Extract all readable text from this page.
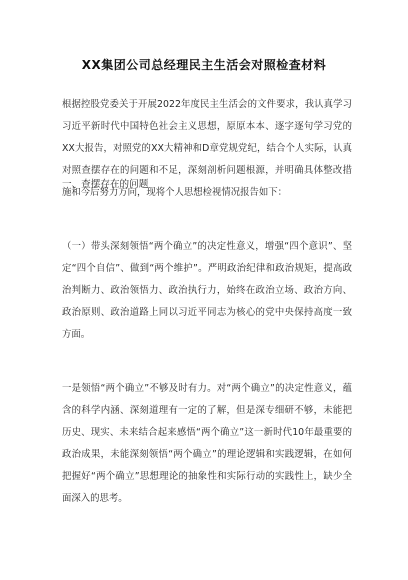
XX集团公司总经理民主生活会对照检查材料

根据控股党委关于开展2022年度民主生活会的文件要求，我认真学习习近平新时代中国特色社会主义思想，原原本本、逐字逐句学习党的XX大报告，对照党的XX大精神和D章党规党纪，结合个人实际，认真对照查摆存在的问题和不足，深刻剖析问题根源，并明确具体整改措施和今后努力方向，现将个人思想检视情况报告如下：

一、查摆存在的问题

（一）带头深刻领悟“两个确立”的决定性意义，增强“四个意识”、坚定“四个自信”、做到“两个维护”。严明政治纪律和政治规矩，提高政治判断力、政治领悟力、政治执行力，始终在政治立场、政治方向、政治原则、政治道路上同以习近平同志为核心的党中央保持高度一致方面。

一是领悟“两个确立”不够及时有力。对“两个确立”的决定性意义，蕴含的科学内涵、深刻道理有一定的了解，但是深专细研不够，未能把历史、现实、未来结合起来感悟“两个确立”这一新时代10年最重要的政治成果，未能深刻领悟“两个确立”的理论逻辑和实践逻辑，在如何把握好“两个确立”思想理论的抽象性和实际行动的实践性上，缺少全面深入的思考。
